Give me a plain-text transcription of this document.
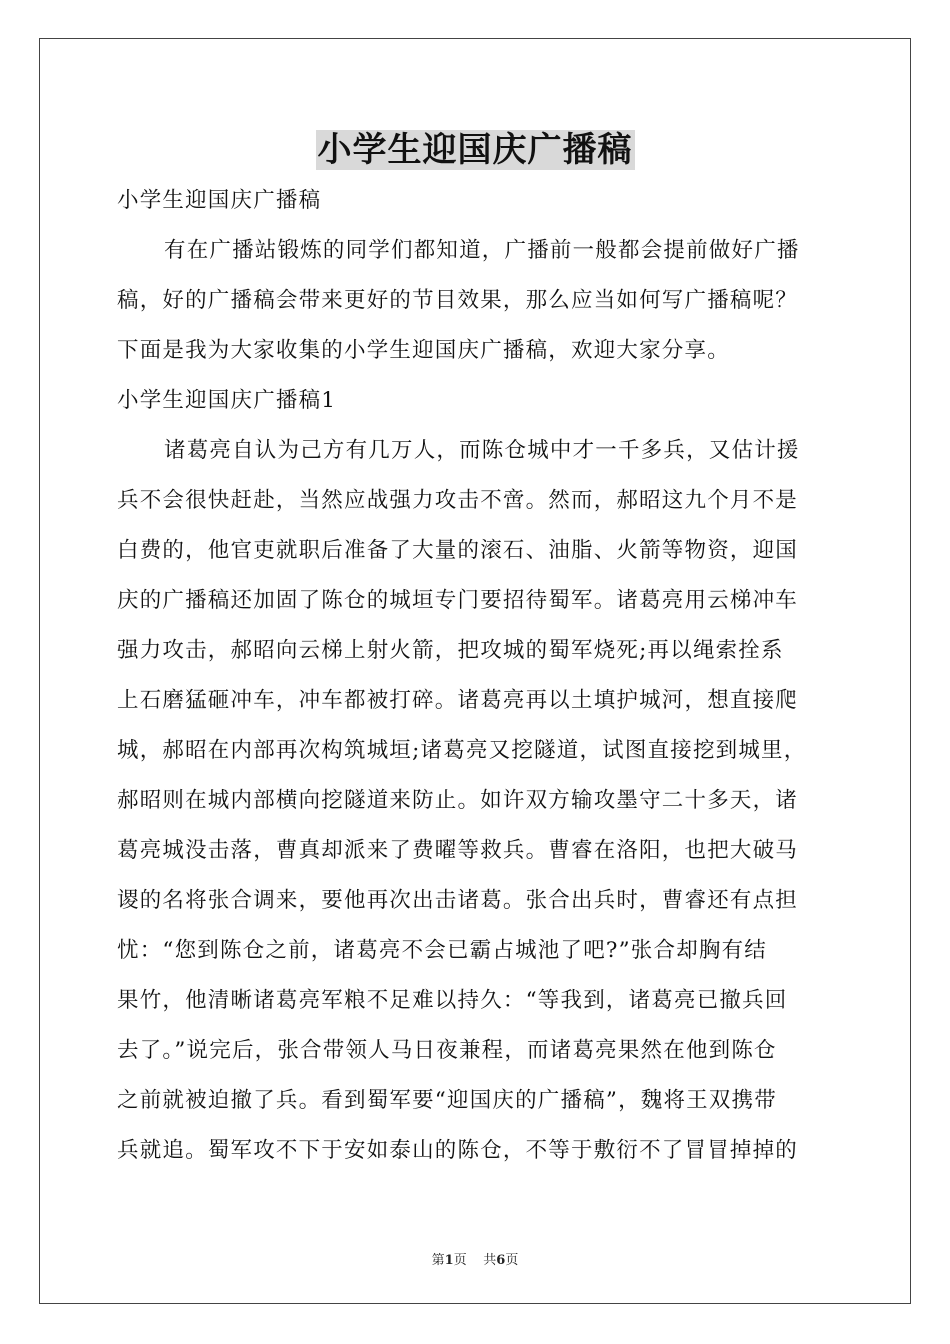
小学生迎国庆广播稿
小学生迎国庆广播稿
有在广播站锻炼的同学们都知道，广播前一般都会提前做好广播
稿，好的广播稿会带来更好的节目效果，那么应当如何写广播稿呢？
下面是我为大家收集的小学生迎国庆广播稿，欢迎大家分享。
小学生迎国庆广播稿1
诸葛亮自认为己方有几万人，而陈仓城中才一千多兵，又估计援
兵不会很快赶赴，当然应战强力攻击不啻。然而，郝昭这九个月不是
白费的，他官吏就职后准备了大量的滚石、油脂、火箭等物资，迎国
庆的广播稿还加固了陈仓的城垣专门要招待蜀军。诸葛亮用云梯冲车
强力攻击，郝昭向云梯上射火箭，把攻城的蜀军烧死;再以绳索拴系
上石磨猛砸冲车，冲车都被打碎。诸葛亮再以土填护城河，想直接爬
城，郝昭在内部再次构筑城垣;诸葛亮又挖隧道，试图直接挖到城里，
郝昭则在城内部横向挖隧道来防止。如许双方输攻墨守二十多天，诸
葛亮城没击落，曹真却派来了费曜等救兵。曹睿在洛阳，也把大破马
谡的名将张合调来，要他再次出击诸葛。张合出兵时，曹睿还有点担
忧：“您到陈仓之前，诸葛亮不会已霸占城池了吧?”张合却胸有结
果竹，他清晰诸葛亮军粮不足难以持久：“等我到，诸葛亮已撤兵回
去了。”说完后，张合带领人马日夜兼程，而诸葛亮果然在他到陈仓
之前就被迫撤了兵。看到蜀军要“迎国庆的广播稿”，魏将王双携带
兵就追。蜀军攻不下于安如泰山的陈仓，不等于敷衍不了冒冒掉掉的
第1页 共6页
